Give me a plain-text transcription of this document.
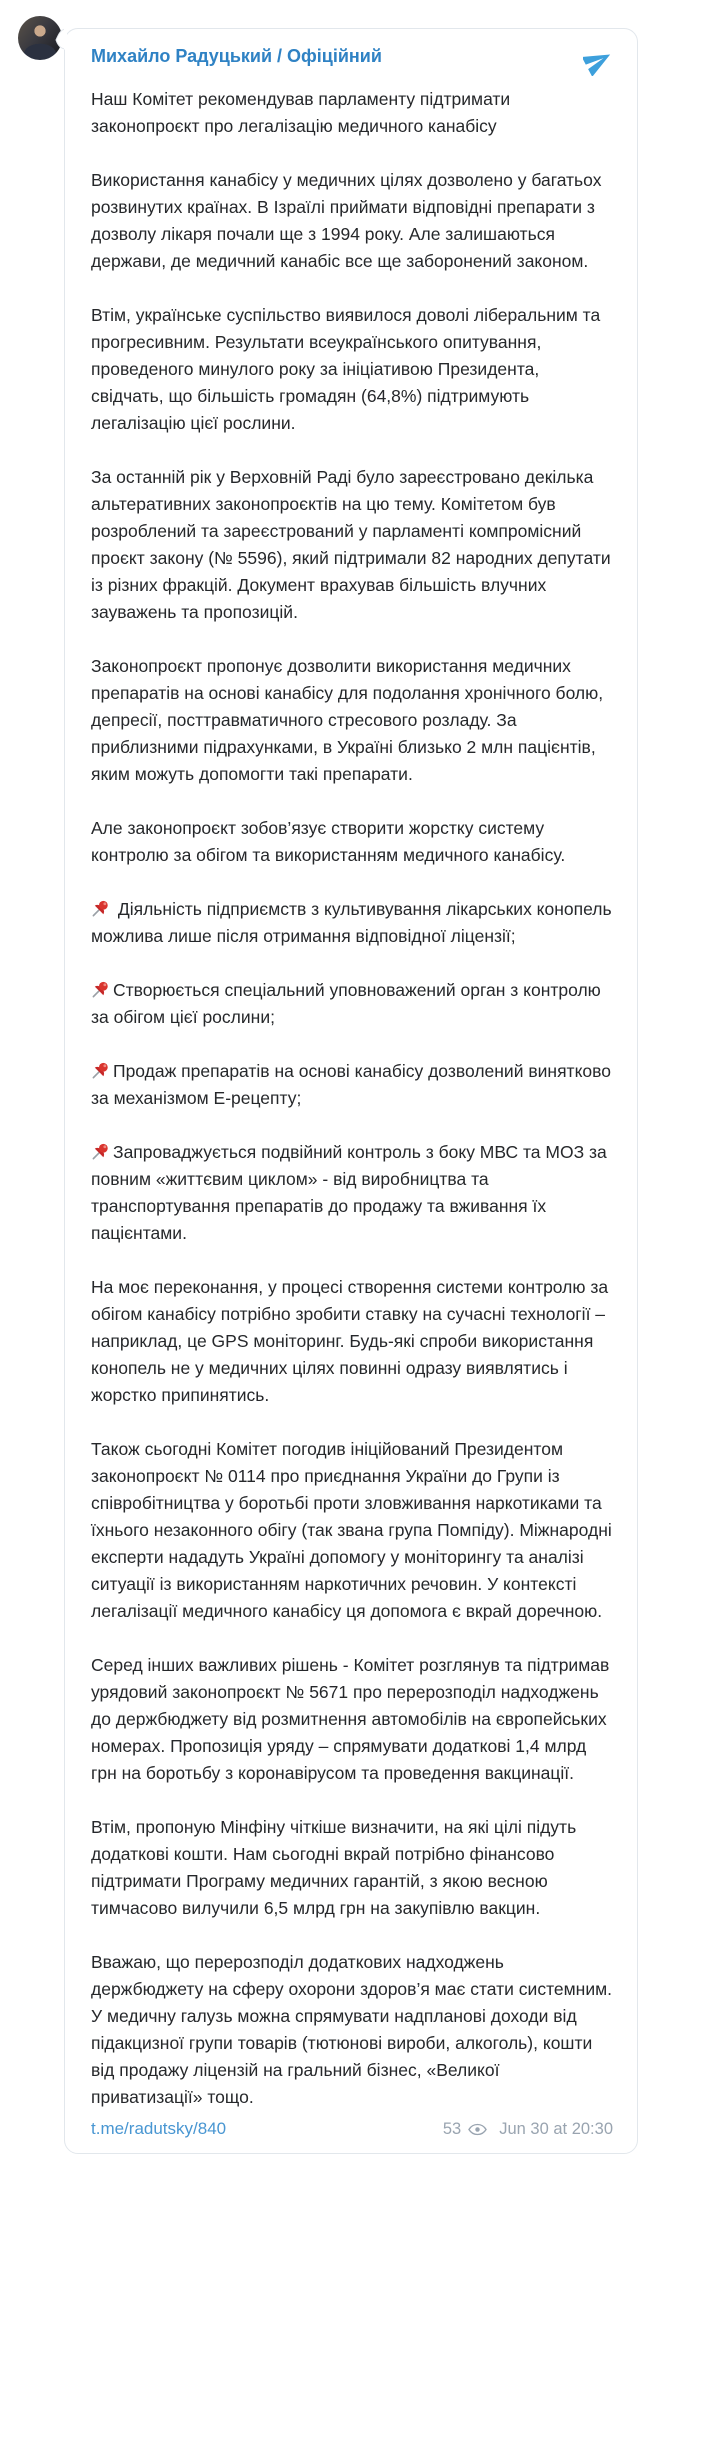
Михайло Радуцький / Офіційний

Наш Комітет рекомендував парламенту підтримати законопроєкт про легалізацію медичного канабісу

Використання канабісу у медичних цілях дозволено у багатьох розвинутих країнах. В Ізраїлі приймати відповідні препарати з дозволу лікаря почали ще з 1994 року. Але залишаються держави, де медичний канабіс все ще заборонений законом.

Втім, українське суспільство виявилося доволі ліберальним та прогресивним. Результати всеукраїнського опитування, проведеного минулого року за ініціативою Президента, свідчать, що більшість громадян (64,8%) підтримують легалізацію цієї рослини.

За останній рік у Верховній Раді було зареєстровано декілька альтеративних законопроєктів на цю тему. Комітетом був розроблений та зареєстрований у парламенті компромісний проєкт закону (№ 5596), який підтримали 82 народних депутати із різних фракцій. Документ врахував більшість влучних зауважень та пропозицій.

Законопроєкт пропонує дозволити використання медичних препаратів на основі канабісу для подолання хронічного болю, депресії, посттравматичного стресового розладу. За приблизними підрахунками, в Україні близько 2 млн пацієнтів, яким можуть допомогти такі препарати.

Але законопроєкт зобов’язує створити жорстку систему контролю за обігом та використанням медичного канабісу.

Діяльність підприємств з культивування лікарських конопель можлива лише після отримання відповідної ліцензії;

Створюється спеціальний уповноважений орган з контролю за обігом цієї рослини;

Продаж препаратів на основі канабісу дозволений винятково за механізмом Е-рецепту;

Запроваджується подвійний контроль з боку МВС та МОЗ за повним «життєвим циклом» - від виробництва та транспортування препаратів до продажу та вживання їх пацієнтами.

На моє переконання, у процесі створення системи контролю за обігом канабісу потрібно зробити ставку на сучасні технології – наприклад, це GPS моніторинг. Будь-які спроби використання конопель не у медичних цілях повинні одразу виявлятись і жорстко припинятись.

Також сьогодні Комітет погодив ініційований Президентом законопроєкт № 0114 про приєднання України до Групи із співробітництва у боротьбі проти зловживання наркотиками та їхнього незаконного обігу (так звана група Помпіду). Міжнародні експерти нададуть Україні допомогу у моніторингу та аналізі ситуації із використанням наркотичних речовин. У контексті легалізації медичного канабісу ця допомога є вкрай доречною.

Серед інших важливих рішень - Комітет розглянув та підтримав урядовий законопроєкт № 5671 про перерозподіл надходжень до держбюджету від розмитнення автомобілів на європейських номерах. Пропозиція уряду – спрямувати додаткові 1,4 млрд грн на боротьбу з коронавірусом та проведення вакцинації.

Втім, пропоную Мінфіну чіткіше визначити, на які цілі підуть додаткові кошти. Нам сьогодні вкрай потрібно фінансово підтримати Програму медичних гарантій, з якою весною тимчасово вилучили 6,5 млрд грн на закупівлю вакцин.

Вважаю, що перерозподіл додаткових надходжень держбюджету на сферу охорони здоров’я має стати системним. У медичну галузь можна спрямувати надпланові доходи від підакцизної групи товарів (тютюнові вироби, алкоголь), кошти від продажу ліцензій на гральний бізнес, «Великої приватизації» тощо.

t.me/radutsky/840	53 Jun 30 at 20:30
